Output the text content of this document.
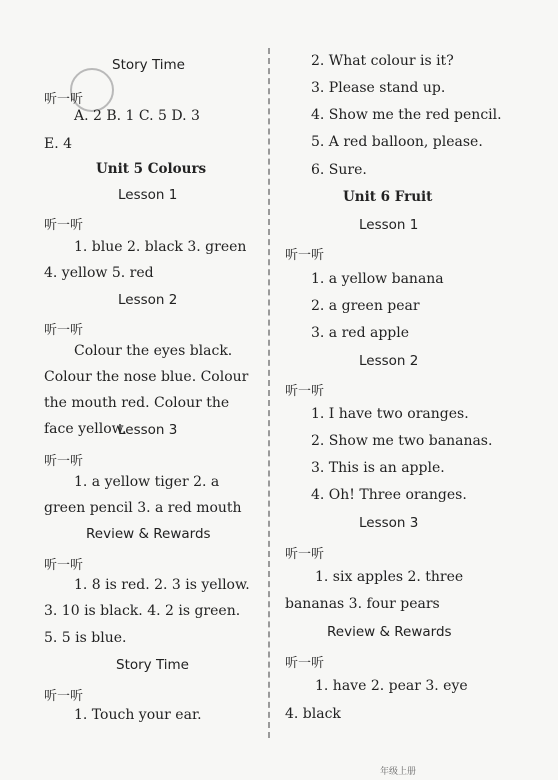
Story Time
听一听
A. 2 B. 1 C. 5 D. 3
E. 4
Unit 5 Colours
Lesson 1
听一听
1. blue 2. black 3. green
4. yellow 5. red
Lesson 2
听一听
Colour the eyes black. Colour the nose blue. Colour the mouth red. Colour the face yellow.
Lesson 3
听一听
1. a yellow tiger 2. a
green pencil 3. a red mouth
Review & Rewards
听一听
1. 8 is red. 2. 3 is yellow.
3. 10 is black. 4. 2 is green.
5. 5 is blue.
Story Time
听一听
1. Touch your ear.
2. What colour is it?
3. Please stand up.
4. Show me the red pencil.
5. A red balloon, please.
6. Sure.
Unit 6 Fruit
Lesson 1
听一听
1. a yellow banana
2. a green pear
3. a red apple
Lesson 2
听一听
1. I have two oranges.
2. Show me two bananas.
3. This is an apple.
4. Oh! Three oranges.
Lesson 3
听一听
1. six apples 2. three
bananas 3. four pears
Review & Rewards
听一听
1. have 2. pear 3. eye
4. black
年级上册
